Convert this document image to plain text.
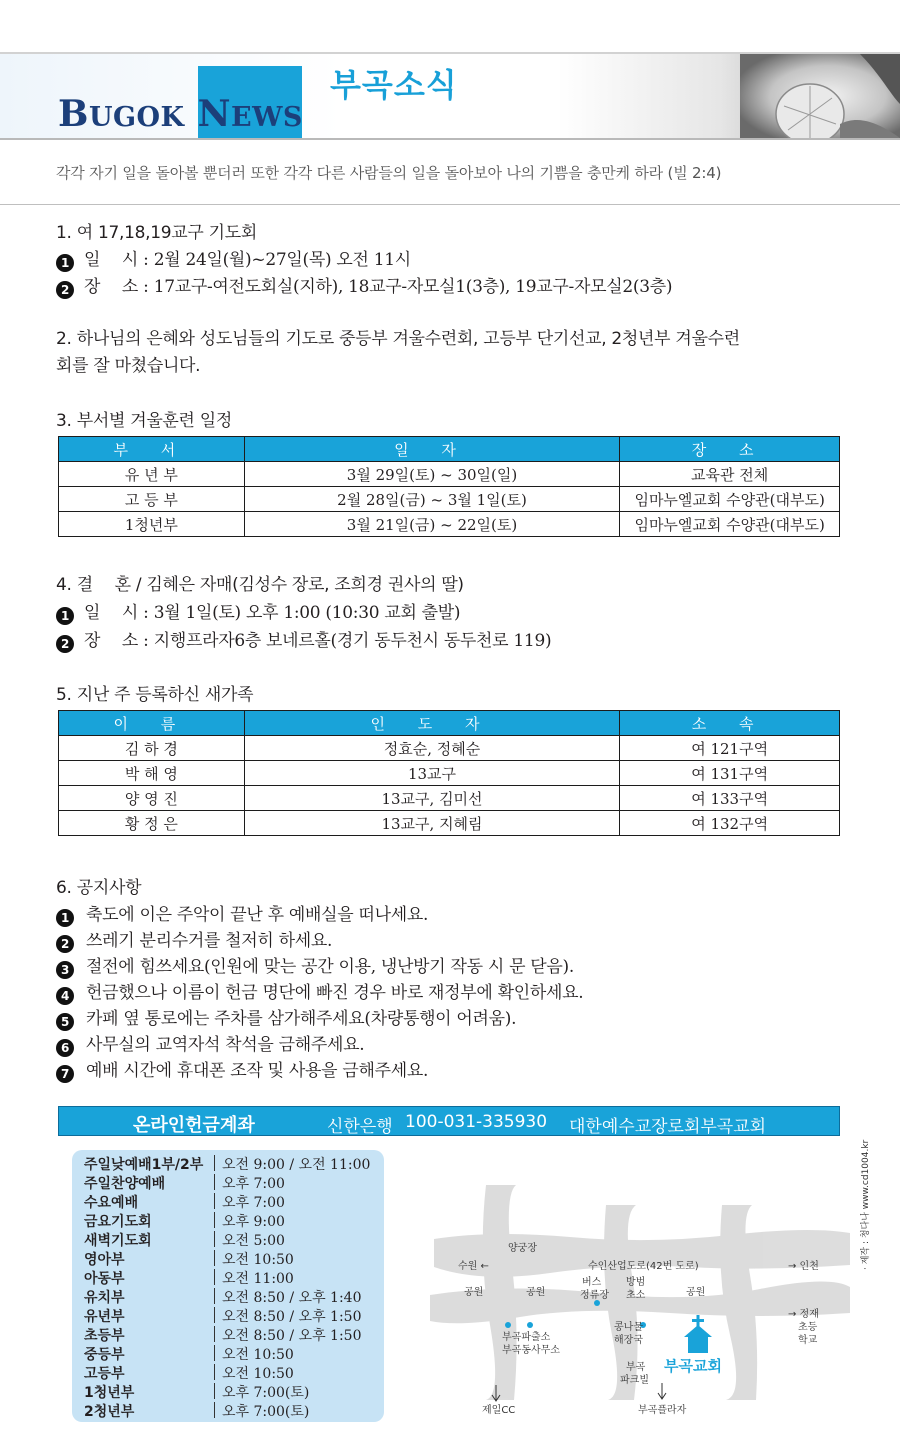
BUGOK NEWS
부곡소식
각각 자기 일을 돌아볼 뿐더러 또한 각각 다른 사람들의 일을 돌아보아 나의 기쁨을 충만케 하라 (빌 2:4)
1. 여 17,18,19교구 기도회
1 일　 시 : 2월 24일(월)~27일(목) 오전 11시
2 장　 소 : 17교구-여전도회실(지하), 18교구-자모실1(3층), 19교구-자모실2(3층)
2. 하나님의 은혜와 성도님들의 기도로 중등부 겨울수련회, 고등부 단기선교, 2청년부 겨울수련
회를 잘 마쳤습니다.
3. 부서별 겨울훈련 일정
부 서	일 자	장 소
유 년 부	3월 29일(토) ~ 30일(일)	교육관 전체
고 등 부	2월 28일(금) ~ 3월 1일(토)	임마누엘교회 수양관(대부도)
1청년부	3월 21일(금) ~ 22일(토)	임마누엘교회 수양관(대부도)
4. 결　 혼 / 김혜은 자매(김성수 장로, 조희경 권사의 딸)
1 일　 시 : 3월 1일(토) 오후 1:00 (10:30 교회 출발)
2 장　 소 : 지행프라자6층 보네르홀(경기 동두천시 동두천로 119)
5. 지난 주 등록하신 새가족
이 름	인 도 자	소 속
김 하 경	정효순, 정혜순	여 121구역
박 해 영	13교구	여 131구역
양 영 진	13교구, 김미선	여 133구역
황 정 은	13교구, 지혜림	여 132구역
6. 공지사항
1 축도에 이은 주악이 끝난 후 예배실을 떠나세요.
2 쓰레기 분리수거를 철저히 하세요.
3 절전에 힘쓰세요(인원에 맞는 공간 이용, 냉난방기 작동 시 문 닫음).
4 헌금했으나 이름이 헌금 명단에 빠진 경우 바로 재정부에 확인하세요.
5 카페 옆 통로에는 주차를 삼가해주세요(차량통행이 어려움).
6 사무실의 교역자석 착석을 금해주세요.
7 예배 시간에 휴대폰 조작 및 사용을 금해주세요.
온라인헌금계좌	신한은행 100-031-335930 대한예수교장로회부곡교회
주일낮예배1부/2부 오전 9:00 / 오전 11:00
주일찬양예배	오후 7:00
수요예배	오후 7:00
금요기도회	오후 9:00
새벽기도회	오전 5:00
영아부	오전 10:50
아동부	오전 11:00
유치부	오전 8:50 / 오후 1:40
유년부	오전 8:50 / 오후 1:50
초등부	오전 8:50 / 오후 1:50
중등부	오전 10:50
고등부	오전 10:50
1청년부	오후 7:00(토)
2청년부	오후 7:00(토)
양궁장
수원 ←	수인산업도로(42번 도로)	→ 인천
공원	공원	공원
버스
정류장
방범
초소
→ 정재
초등
학교
부곡파출소
부곡동사무소
콩나물
해장국
부곡교회
부곡
파크빌
제일CC	부곡플라자
· 제작 : 청다나 www.cd1004.kr
